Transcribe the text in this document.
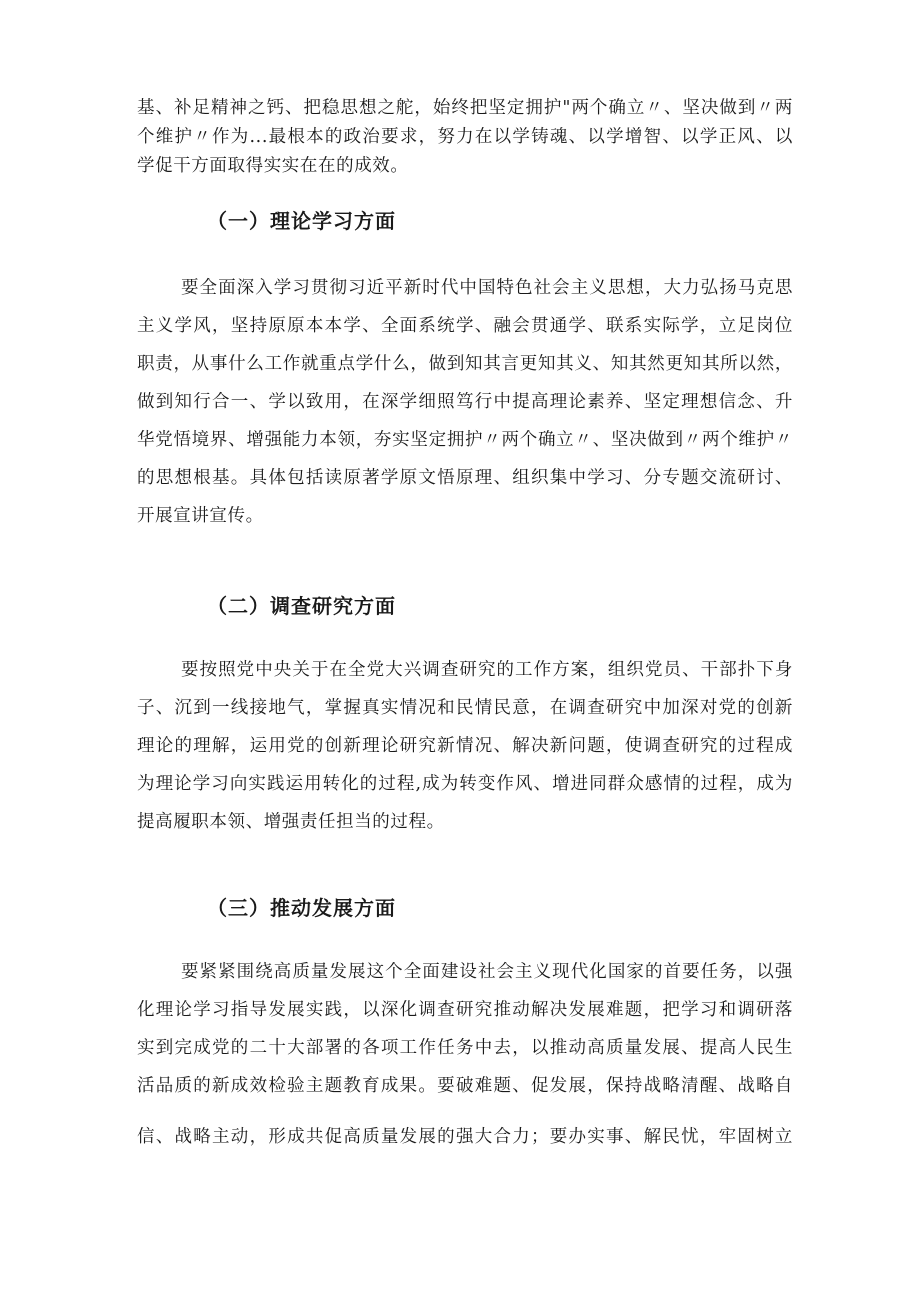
基、补足精神之钙、把稳思想之舵，始终把坚定拥护"两个确立〃、坚决做到〃两
个维护〃作为...最根本的政治要求，努力在以学铸魂、以学增智、以学正风、以
学促干方面取得实实在在的成效。
（一）理论学习方面
要全面深入学习贯彻习近平新时代中国特色社会主义思想，大力弘扬马克思
主义学风，坚持原原本本学、全面系统学、融会贯通学、联系实际学，立足岗位
职责，从事什么工作就重点学什么，做到知其言更知其义、知其然更知其所以然，
做到知行合一、学以致用，在深学细照笃行中提高理论素养、坚定理想信念、升
华党悟境界、增强能力本领，夯实坚定拥护〃两个确立〃、坚决做到〃两个维护〃
的思想根基。具体包括读原著学原文悟原理、组织集中学习、分专题交流研讨、
开展宣讲宣传。
（二）调查研究方面
要按照党中央关于在全党大兴调查研究的工作方案，组织党员、干部扑下身
子、沉到一线接地气，掌握真实情况和民情民意，在调查研究中加深对党的创新
理论的理解，运用党的创新理论研究新情况、解决新问题，使调查研究的过程成
为理论学习向实践运用转化的过程,成为转变作风、增进同群众感情的过程，成为
提高履职本领、增强责任担当的过程。
（三）推动发展方面
要紧紧围绕高质量发展这个全面建设社会主义现代化国家的首要任务，以强
化理论学习指导发展实践，以深化调查研究推动解决发展难题，把学习和调研落
实到完成党的二十大部署的各项工作任务中去，以推动高质量发展、提高人民生
活品质的新成效检验主题教育成果。要破难题、促发展，保持战略清醒、战略自
信、战略主动，形成共促高质量发展的强大合力；要办实事、解民忧，牢固树立
